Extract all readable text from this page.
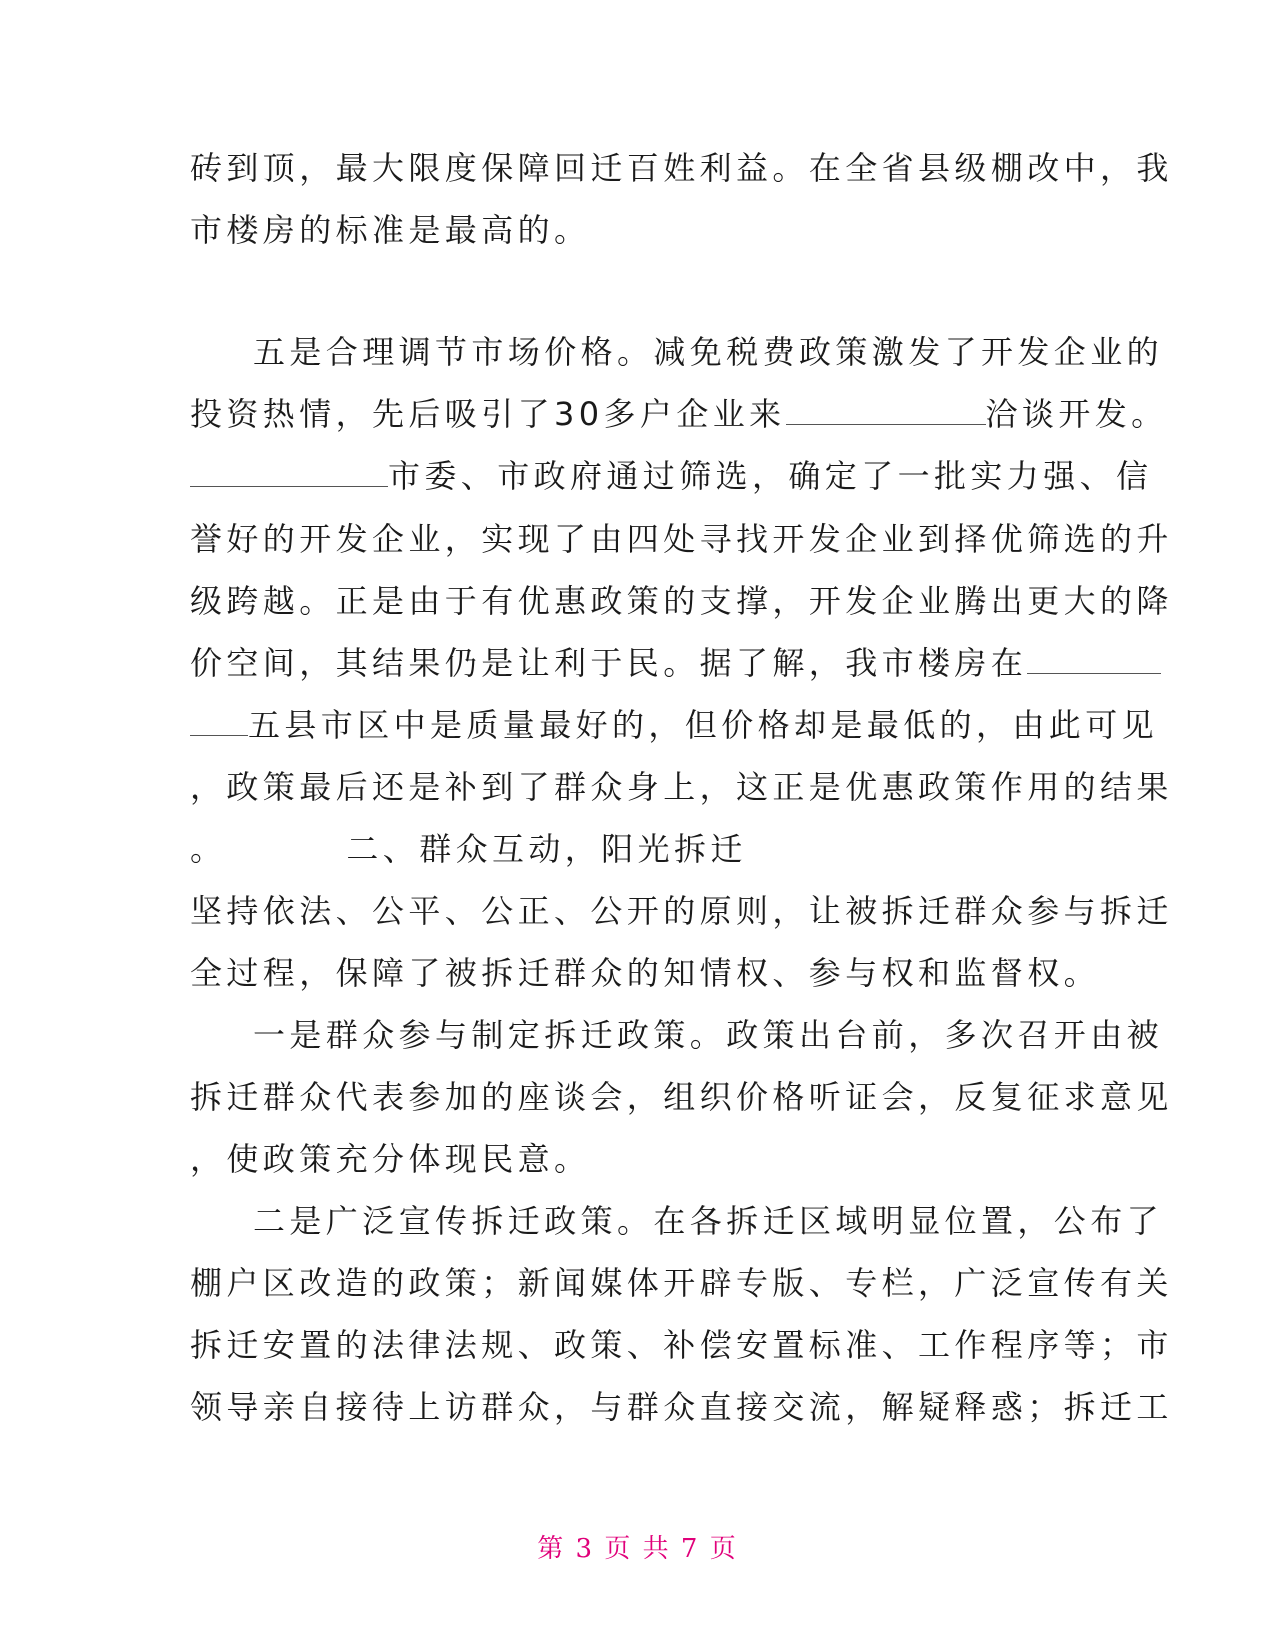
砖到顶，最大限度保障回迁百姓利益。在全省县级棚改中，我
市楼房的标准是最高的。
五是合理调节市场价格。减免税费政策激发了开发企业的
投资热情，先后吸引了30多户企业来	洽谈开发。
市委、市政府通过筛选，确定了一批实力强、信
誉好的开发企业，实现了由四处寻找开发企业到择优筛选的升
级跨越。正是由于有优惠政策的支撑，开发企业腾出更大的降
价空间，其结果仍是让利于民。据了解，我市楼房在
五县市区中是质量最好的，但价格却是最低的，由此可见
，政策最后还是补到了群众身上，这正是优惠政策作用的结果
。	二、群众互动，阳光拆迁
坚持依法、公平、公正、公开的原则，让被拆迁群众参与拆迁
全过程，保障了被拆迁群众的知情权、参与权和监督权。
一是群众参与制定拆迁政策。政策出台前，多次召开由被
拆迁群众代表参加的座谈会，组织价格听证会，反复征求意见
，使政策充分体现民意。
二是广泛宣传拆迁政策。在各拆迁区域明显位置，公布了
棚户区改造的政策；新闻媒体开辟专版、专栏，广泛宣传有关
拆迁安置的法律法规、政策、补偿安置标准、工作程序等；市
领导亲自接待上访群众，与群众直接交流，解疑释惑；拆迁工
第 3 页 共 7 页
